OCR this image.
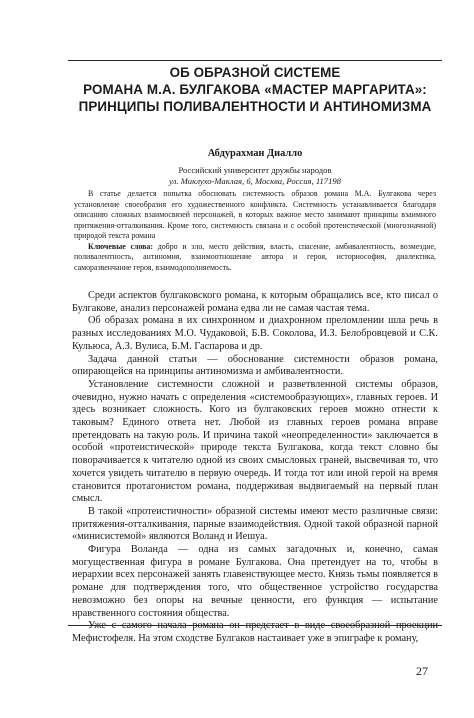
ОБ ОБРАЗНОЙ СИСТЕМЕ
РОМАНА М.А. БУЛГАКОВА «МАСТЕР МАРГАРИТА»:
ПРИНЦИПЫ ПОЛИВАЛЕНТНОСТИ И АНТИНОМИЗМА
Абдурахман Диалло
Российский университет дружбы народов
ул. Миклухо-Маклая, 6, Москва, Россия, 117198

В статье делается попытка обосновать системность образов романа М.А. Булгакова через установление своеобразия его художественного конфликта. Системность устанавливается благодаря описанию сложных взаимосвязей персонажей, в которых важное место занимают принципы взаимного притяжения-отталкивания. Кроме того, системность связана и с особой протеистической (многозначной) природой текста романа

Ключевые слова: добро и зло, место действия, власть, спасение, амбивалентность, возмездие, поливалентность, антиномия, взаимоотношение автора и героя, историософия, диалектика, саморазвенчание героя, взаимодополняемость.

Среди аспектов булгаковского романа, к которым обращались все, кто писал о Булгакове, анализ персонажей романа едва ли не самая частая тема.

Об образах романа в их синхронном и диахронном преломлении шла речь в разных исследованиях М.О. Чудаковой, Б.В. Соколова, И.З. Белобровцевой и С.К. Кульюса, А.З. Вулиса, Б.М. Гаспарова и др.

Задача данной статьи — обоснование системности образов романа, опирающейся на принципы антиномизма и амбивалентности.

Установление системности сложной и разветвленной системы образов, очевидно, нужно начать с определения «системообразующих», главных героев. И здесь возникает сложность. Кого из булгаковских героев можно отнести к таковым? Единого ответа нет. Любой из главных героев романа вправе претендовать на такую роль. И причина такой «неопределенности» заключается в особой «протеистической» природе текста Булгакова, когда текст словно бы поворачивается к читателю одной из своих смысловых граней, высвечивая то, что хочется увидеть читателю в первую очередь. И тогда тот или иной герой на время становится протагонистом романа, поддерживая выдвигаемый на первый план смысл.

В такой «протеистичности» образной системы имеют место различные связи: притяжения-отталкивания, парные взаимодействия. Одной такой образной парной «минисистемой» являются Воланд и Иешуа.

Фигура Воланда — одна из самых загадочных и, конечно, самая могущественная фигура в романе Булгакова. Она претендует на то, чтобы в иерархии всех персонажей занять главенствующее место. Князь тьмы появляется в романе для подтверждения того, что общественное устройство государства невозможно без опоры на вечные ценности, его функция — испытание нравственного состояния общества.

Уже с самого начала романа он предстает в виде своеобразной проекции Мефистофеля. На этом сходстве Булгаков настаивает уже в эпиграфе к роману,

27
